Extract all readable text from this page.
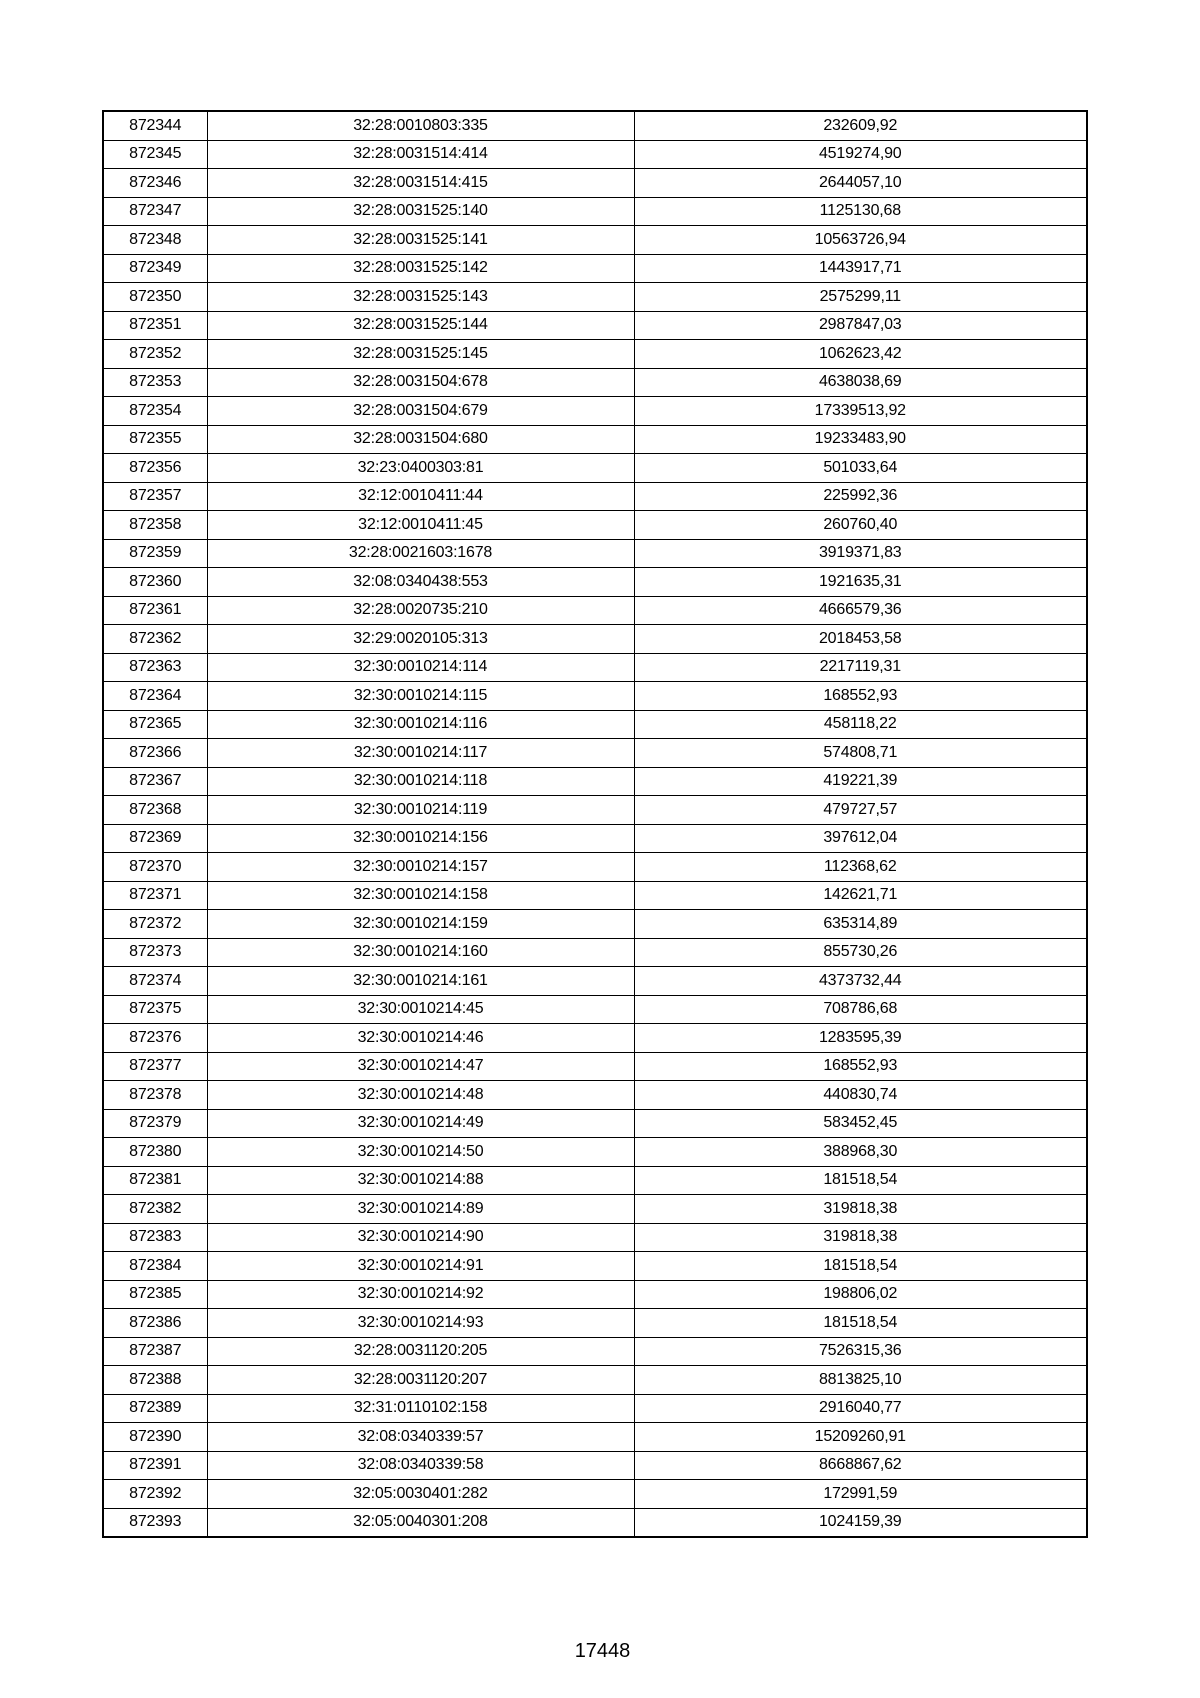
872344	32:28:0010803:335	232609,92
872345	32:28:0031514:414	4519274,90
872346	32:28:0031514:415	2644057,10
872347	32:28:0031525:140	1125130,68
872348	32:28:0031525:141	10563726,94
872349	32:28:0031525:142	1443917,71
872350	32:28:0031525:143	2575299,11
872351	32:28:0031525:144	2987847,03
872352	32:28:0031525:145	1062623,42
872353	32:28:0031504:678	4638038,69
872354	32:28:0031504:679	17339513,92
872355	32:28:0031504:680	19233483,90
872356	32:23:0400303:81	501033,64
872357	32:12:0010411:44	225992,36
872358	32:12:0010411:45	260760,40
872359	32:28:0021603:1678	3919371,83
872360	32:08:0340438:553	1921635,31
872361	32:28:0020735:210	4666579,36
872362	32:29:0020105:313	2018453,58
872363	32:30:0010214:114	2217119,31
872364	32:30:0010214:115	168552,93
872365	32:30:0010214:116	458118,22
872366	32:30:0010214:117	574808,71
872367	32:30:0010214:118	419221,39
872368	32:30:0010214:119	479727,57
872369	32:30:0010214:156	397612,04
872370	32:30:0010214:157	112368,62
872371	32:30:0010214:158	142621,71
872372	32:30:0010214:159	635314,89
872373	32:30:0010214:160	855730,26
872374	32:30:0010214:161	4373732,44
872375	32:30:0010214:45	708786,68
872376	32:30:0010214:46	1283595,39
872377	32:30:0010214:47	168552,93
872378	32:30:0010214:48	440830,74
872379	32:30:0010214:49	583452,45
872380	32:30:0010214:50	388968,30
872381	32:30:0010214:88	181518,54
872382	32:30:0010214:89	319818,38
872383	32:30:0010214:90	319818,38
872384	32:30:0010214:91	181518,54
872385	32:30:0010214:92	198806,02
872386	32:30:0010214:93	181518,54
872387	32:28:0031120:205	7526315,36
872388	32:28:0031120:207	8813825,10
872389	32:31:0110102:158	2916040,77
872390	32:08:0340339:57	15209260,91
872391	32:08:0340339:58	8668867,62
872392	32:05:0030401:282	172991,59
872393	32:05:0040301:208	1024159,39
17448
